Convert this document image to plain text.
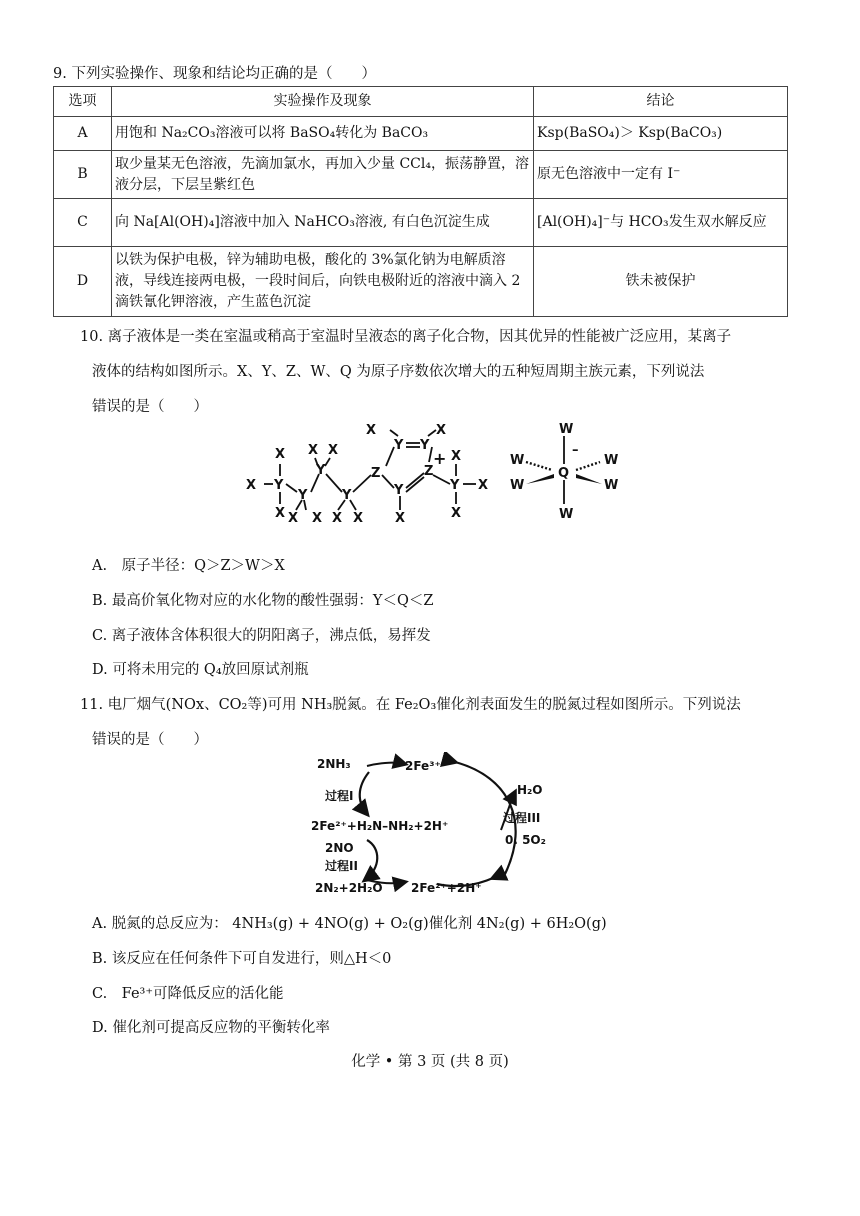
9. 下列实验操作、现象和结论均正确的是（　　）
选项	实验操作及现象	结论
A	用饱和 Na₂CO₃溶液可以将 BaSO₄转化为 BaCO₃	Ksp(BaSO₄)＞ Ksp(BaCO₃)
B	取少量某无色溶液，先滴加氯水，再加入少量 CCl₄，振荡静置，溶液分层，下层呈紫红色	原无色溶液中一定有 I⁻
C	向 Na[Al(OH)₄]溶液中加入 NaHCO₃溶液, 有白色沉淀生成	[Al(OH)₄]⁻与 HCO₃发生双水解反应
D	以铁为保护电极，锌为辅助电极，酸化的 3%氯化钠为电解质溶液，导线连接两电极，一段时间后，向铁电极附近的溶液中滴入 2 滴铁氰化钾溶液，产生蓝色沉淀	铁未被保护
10. 离子液体是一类在室温或稍高于室温时呈液态的离子化合物，因其优异的性能被广泛应用，某离子
液体的结构如图所示。X、Y、Z、W、Q 为原子序数依次增大的五种短周期主族元素，下列说法
错误的是（　　）
X
X
X
X X
X X X X
X	X
X
X
X
X
Y
Y
Y	Y
Y Y
Y	Y
Z	Z
+
W
W	W
W	W
W
Q
–
A.　原子半径：Q＞Z＞W＞X
B. 最高价氧化物对应的水化物的酸性强弱：Y＜Q＜Z
C. 离子液体含体积很大的阴阳离子，沸点低，易挥发
D. 可将未用完的 Q₄放回原试剂瓶
11. 电厂烟气(NOx、CO₂等)可用 NH₃脱氮。在 Fe₂O₃催化剂表面发生的脱氮过程如图所示。下列说法
错误的是（　　）
2NH₃	2Fe³⁺
过程I
2Fe²⁺+H₂N–NH₂+2H⁺
2NO
过程II
2N₂+2H₂O 2Fe²⁺+2H⁺
H₂O
过程III
0. 5O₂
A. 脱氮的总反应为： 4NH₃(g) + 4NO(g) + O₂(g)催化剂 4N₂(g) + 6H₂O(g)
B. 该反应在任何条件下可自发进行，则△H＜0
C.　Fe³⁺可降低反应的活化能
D. 催化剂可提高反应物的平衡转化率
化学 • 第 3 页 (共 8 页)
